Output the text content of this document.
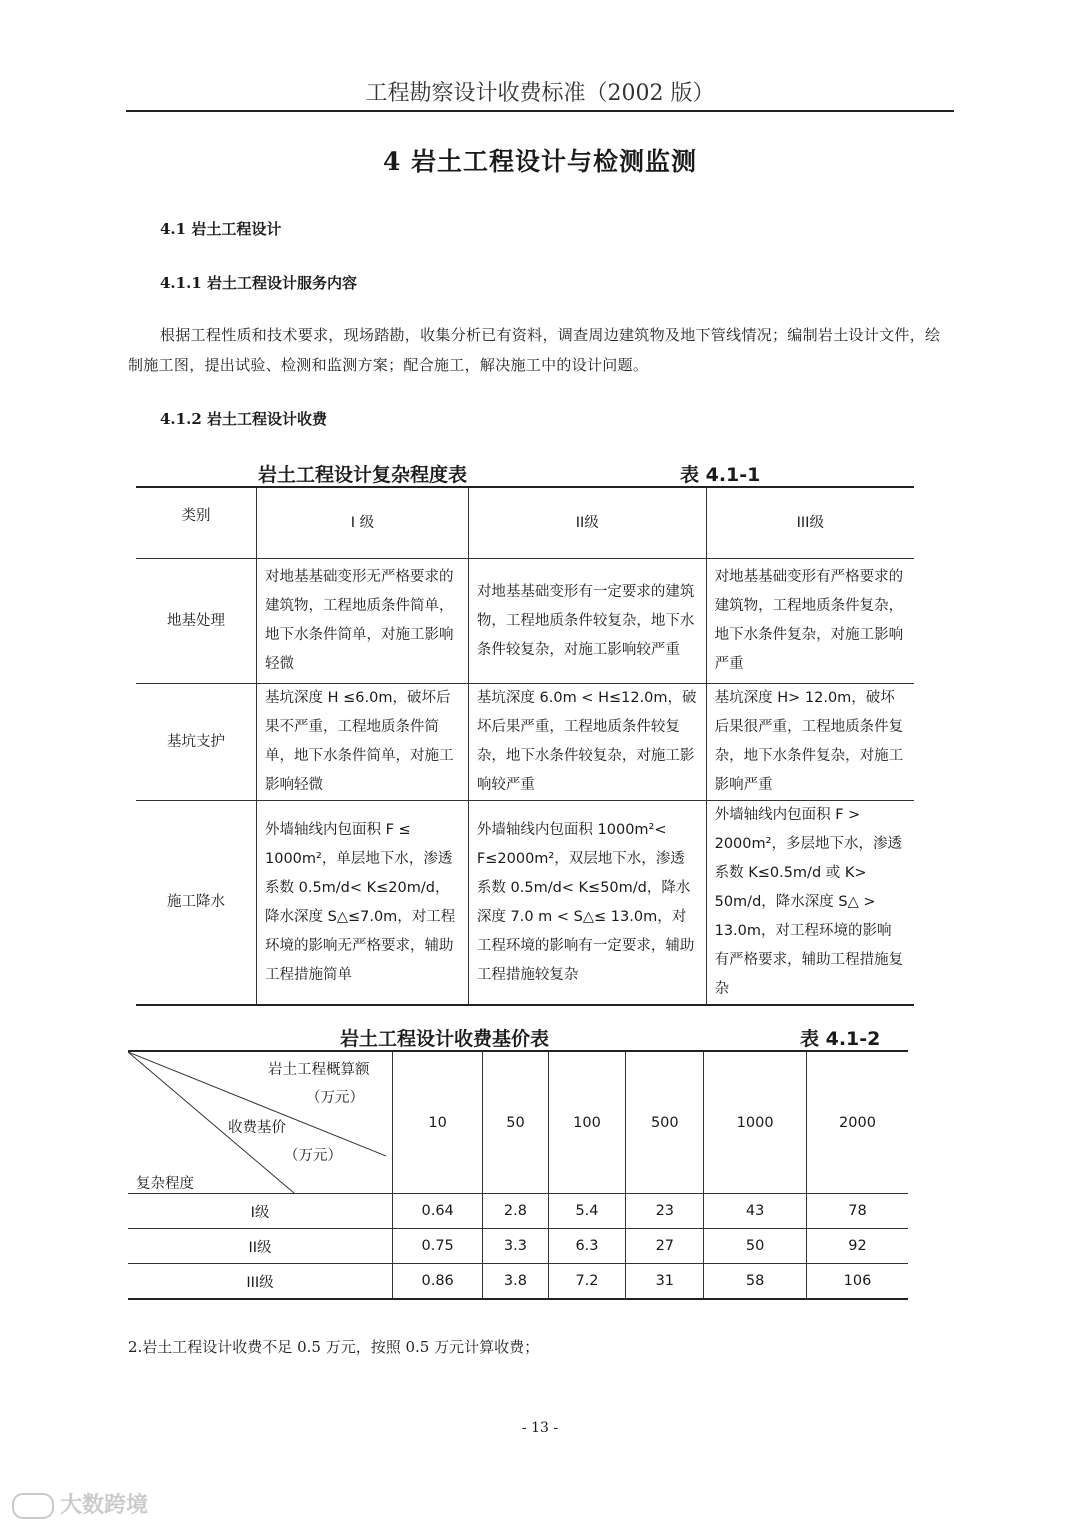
工程勘察设计收费标准（2002 版）
4 岩土工程设计与检测监测
4.1 岩土工程设计
4.1.1 岩土工程设计服务内容
根据工程性质和技术要求，现场踏勘，收集分析已有资料，调查周边建筑物及地下管线情况；编制岩土设计文件，绘制施工图，提出试验、检测和监测方案；配合施工，解决施工中的设计问题。
4.1.2 岩土工程设计收费
岩土工程设计复杂程度表	表 4.1-1
类别	I 级	II级	III级
地基处理	对地基基础变形无严格要求的建筑物，工程地质条件简单，地下水条件简单，对施工影响轻微	对地基基础变形有一定要求的建筑物，工程地质条件较复杂，地下水条件较复杂，对施工影响较严重	对地基基础变形有严格要求的建筑物，工程地质条件复杂，地下水条件复杂，对施工影响严重
基坑支护	基坑深度 H ≤6.0m，破坏后果不严重，工程地质条件简单，地下水条件简单，对施工影响轻微	基坑深度 6.0m < H≤12.0m，破坏后果严重，工程地质条件较复杂，地下水条件较复杂，对施工影响较严重	基坑深度 H> 12.0m，破坏后果很严重，工程地质条件复杂，地下水条件复杂，对施工影响严重
施工降水	外墙轴线内包面积 F ≤ 1000m²，单层地下水，渗透系数 0.5m/d< K≤20m/d，降水深度 S△≤7.0m，对工程环境的影响无严格要求，辅助工程措施简单	外墙轴线内包面积 1000m²< F≤2000m²，双层地下水，渗透系数 0.5m/d< K≤50m/d，降水深度 7.0 m < S△≤ 13.0m，对工程环境的影响有一定要求，辅助工程措施较复杂	外墙轴线内包面积 F > 2000m²，多层地下水，渗透系数 K≤0.5m/d 或 K> 50m/d，降水深度 S△ > 13.0m，对工程环境的影响有严格要求，辅助工程措施复杂
岩土工程设计收费基价表	表 4.1-2
岩土工程概算额
（万元）
收费基价
（万元）
复杂程度	10	50	100	500	1000	2000
I级	0.64	2.8	5.4	23	43	78
II级	0.75	3.3	6.3	27	50	92
III级	0.86	3.8	7.2	31	58	106
2.岩土工程设计收费不足 0.5 万元，按照 0.5 万元计算收费；
- 13 -
大数跨境
